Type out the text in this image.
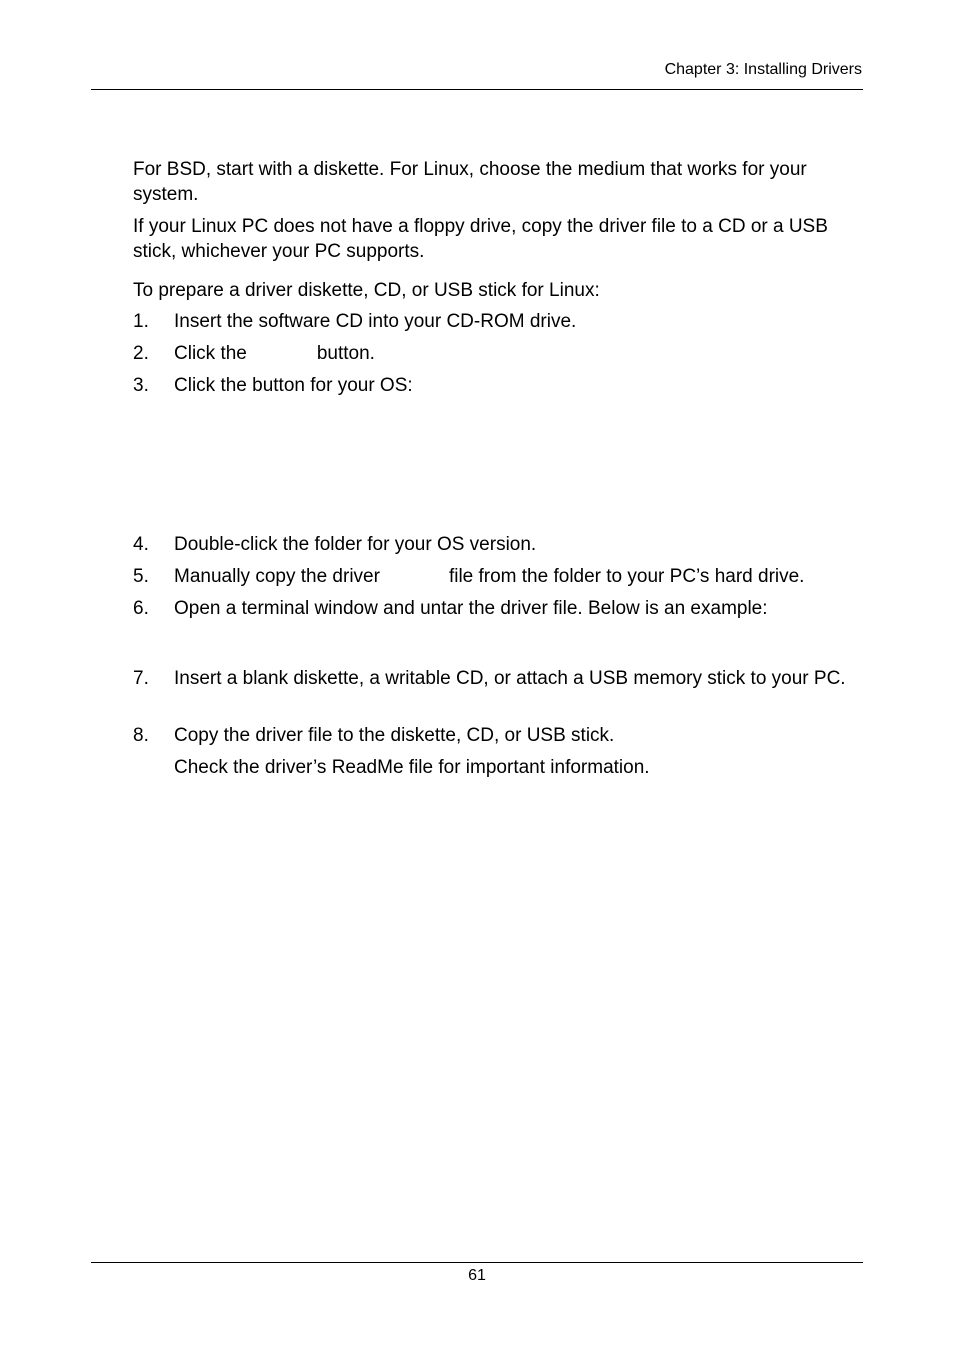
Chapter 3: Installing Drivers

For BSD, start with a diskette. For Linux, choose the medium that works for your system.

If your Linux PC does not have a floppy drive, copy the driver file to a CD or a USB stick, whichever your PC supports.

To prepare a driver diskette, CD, or USB stick for Linux:

1. Insert the software CD into your CD-ROM drive.
2. Click the	button.
3. Click the button for your OS:
4. Double-click the folder for your OS version.
5. Manually copy the driver	file from the folder to your PC’s hard drive.
6. Open a terminal window and untar the driver file. Below is an example:
7. Insert a blank diskette, a writable CD, or attach a USB memory stick to your PC.
8. Copy the driver file to the diskette, CD, or USB stick.
Check the driver’s ReadMe file for important information.
61
